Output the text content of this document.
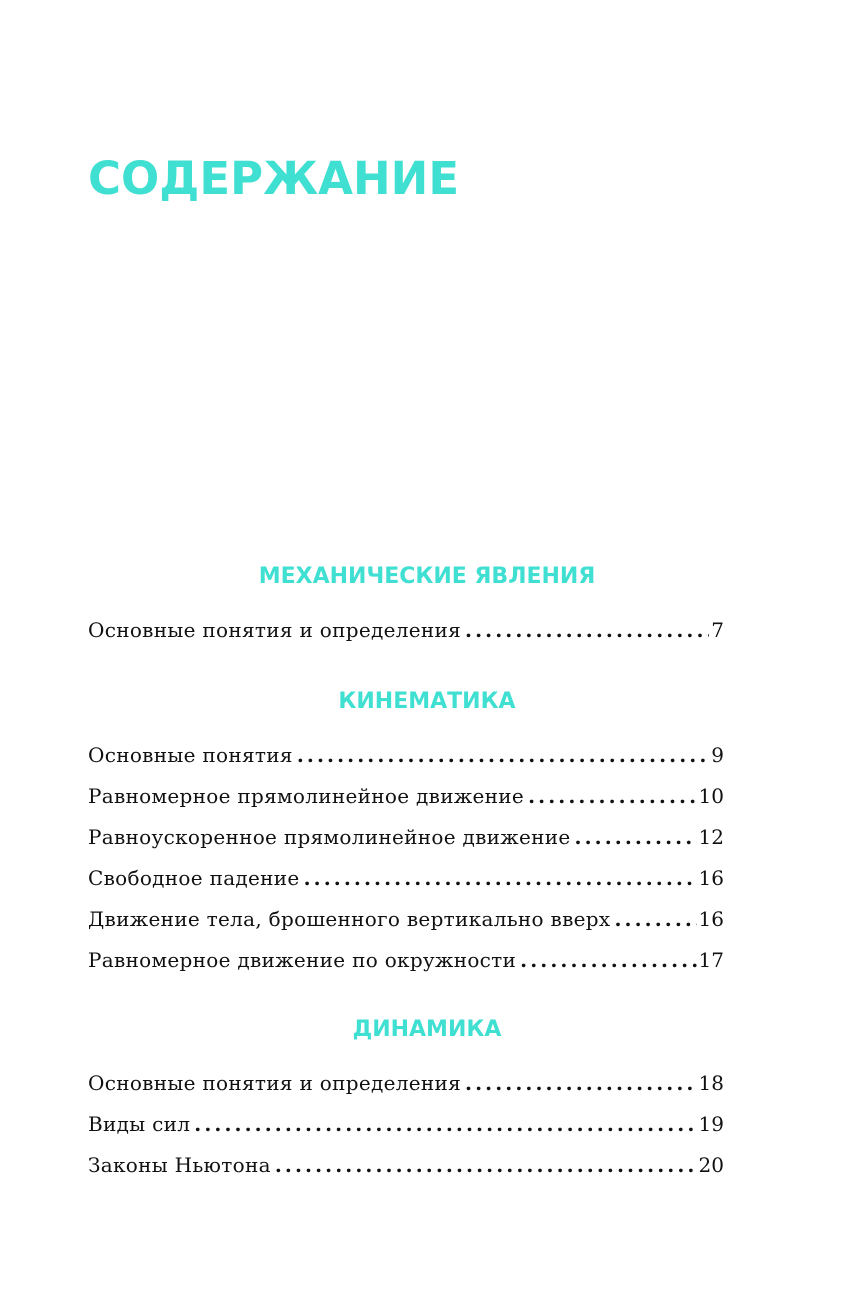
СОДЕРЖАНИЕ
МЕХАНИЧЕСКИЕ ЯВЛЕНИЯ
Основные понятия и определения .....	7
КИНЕМАТИКА
Основные понятия .....	9
Равномерное прямолинейное движение .....	10
Равноускоренное прямолинейное движение .....	12
Свободное падение .....	16
Движение тела, брошенного вертикально вверх .....	16
Равномерное движение по окружности .....	17
ДИНАМИКА
Основные понятия и определения .....	18
Виды сил .....	19
Законы Ньютона .....	20
